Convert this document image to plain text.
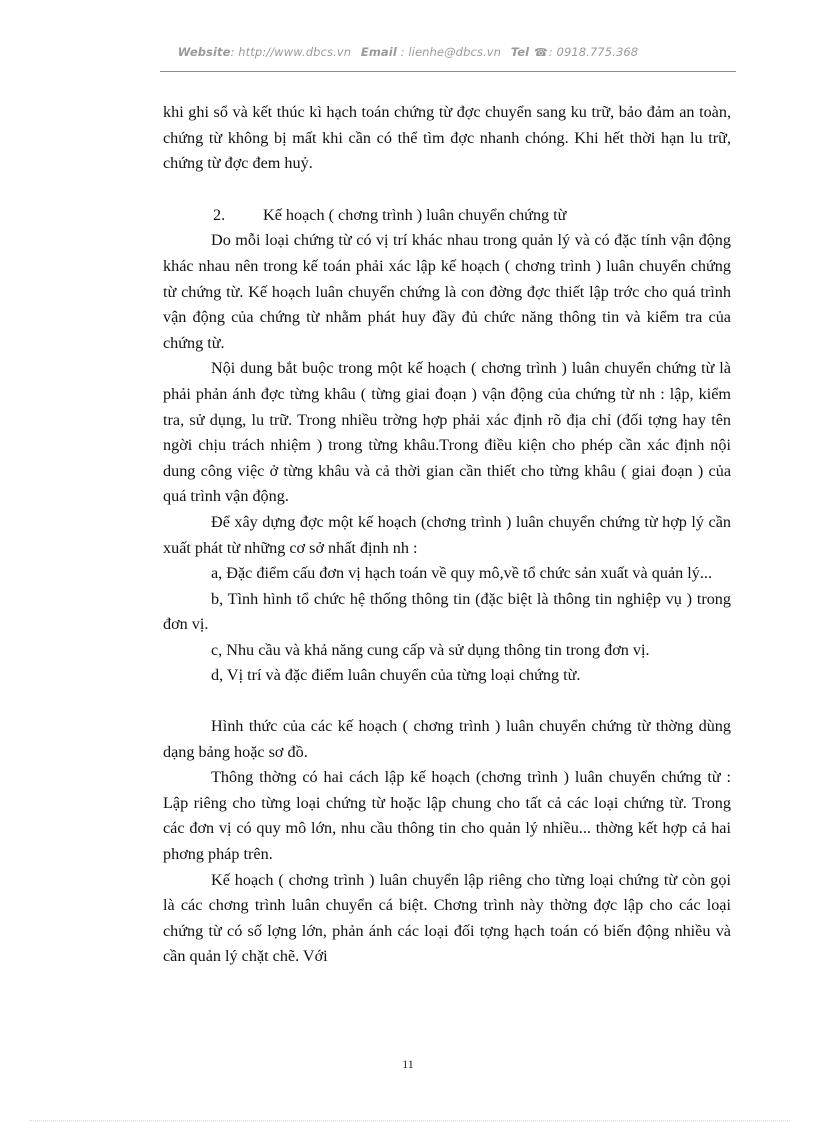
Website: http://www.dbcs.vn Email : lienhe@dbcs.vn Tel ☎: 0918.775.368

khi ghi sổ và kết thúc kì hạch toán chứng từ đợc chuyển sang ku trữ, bảo đảm an toàn, chứng từ không bị mất khi cần có thể tìm đợc nhanh chóng. Khi hết thời hạn lu trữ, chứng từ đợc đem huỷ.

2. Kế hoạch ( chơng trình ) luân chuyển chứng từ

Do mỗi loại chứng từ có vị trí khác nhau trong quản lý và có đặc tính vận động khác nhau nên trong kế toán phải xác lập kế hoạch ( chơng trình ) luân chuyển chứng từ chứng từ. Kế hoạch luân chuyển chứng là con đờng đợc thiết lập trớc cho quá trình vận động của chứng từ nhằm phát huy đầy đủ chức năng thông tin và kiểm tra của chứng từ.

Nội dung bắt buộc trong một kế hoạch ( chơng trình ) luân chuyển chứng từ là phải phản ánh đợc từng khâu ( từng giai đoạn ) vận động của chứng từ nh : lập, kiểm tra, sử dụng, lu trữ. Trong nhiều trờng hợp phải xác định rõ địa chỉ (đối tợng hay tên ngời chịu trách nhiệm ) trong từng khâu.Trong điều kiện cho phép cần xác định nội dung công việc ở từng khâu và cả thời gian cần thiết cho từng khâu ( giai đoạn ) của quá trình vận động.

Để xây dựng đợc một kế hoạch (chơng trình ) luân chuyển chứng từ hợp lý cần xuất phát từ những cơ sở nhất định nh :

a, Đặc điểm cấu đơn vị hạch toán về quy mô,về tổ chức sản xuất và quản lý...

b, Tình hình tổ chức hệ thống thông tin (đặc biệt là thông tin nghiệp vụ ) trong đơn vị.

c, Nhu cầu và khả năng cung cấp và sử dụng thông tin trong đơn vị.

d, Vị trí và đặc điểm luân chuyển của từng loại chứng từ.

Hình thức của các kế hoạch ( chơng trình ) luân chuyển chứng từ thờng dùng dạng bảng hoặc sơ đồ.

Thông thờng có hai cách lập kế hoạch (chơng trình ) luân chuyển chứng từ : Lập riêng cho từng loại chứng từ hoặc lập chung cho tất cả các loại chứng từ. Trong các đơn vị có quy mô lớn, nhu cầu thông tin cho quản lý nhiều... thờng kết hợp cả hai phơng pháp trên.

Kế hoạch ( chơng trình ) luân chuyển lập riêng cho từng loại chứng từ còn gọi là các chơng trình luân chuyển cá biệt. Chơng trình này thờng đợc lập cho các loại chứng từ có số lợng lớn, phản ánh các loại đối tợng hạch toán có biến động nhiều và cần quản lý chặt chẽ. Với

11
